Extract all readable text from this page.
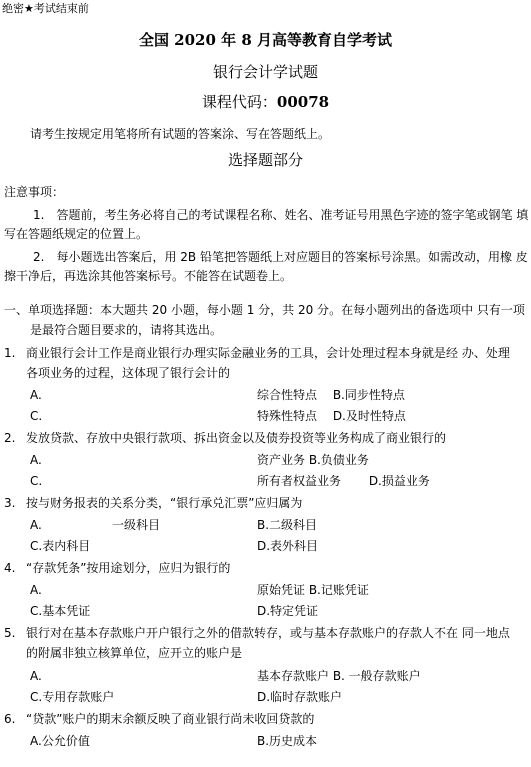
绝密★考试结束前
全国 2020 年 8 月高等教育自学考试
银行会计学试题
课程代码：00078
请考生按规定用笔将所有试题的答案涂、写在答题纸上。
选择题部分
注意事项：
1.　答题前，考生务必将自己的考试课程名称、姓名、准考证号用黑色字迹的签字笔或钢笔 填
写在答题纸规定的位置上。
2.　每小题选出答案后，用 2B 铅笔把答题纸上对应题目的答案标号涂黑。如需改动，用橡 皮
擦干净后，再选涂其他答案标号。不能答在试题卷上。
一、单项选择题：本大题共 20 小题，每小题 1 分，共 20 分。在每小题列出的备选项中 只有一项
是最符合题目要求的，请将其选出。
1. 商业银行会计工作是商业银行办理实际金融业务的工具，会计处理过程本身就是经 办、处理
各项业务的过程，这体现了银行会计的
A.	综合性特点　 B.同步性特点
C.	特殊性特点　 D.及时性特点
2. 发放贷款、存放中央银行款项、拆出资金以及债券投资等业务构成了商业银行的
A.	资产业务 B.负债业务
C.	所有者权益业务　　 D.损益业务
3. 按与财务报表的关系分类，“银行承兑汇票”应归属为
A.	一级科目	B.二级科目
C.表内科目	D.表外科目
4. “存款凭条”按用途划分，应归为银行的
A.	原始凭证 B.记账凭证
C.基本凭证	D.特定凭证
5. 银行对在基本存款账户开户银行之外的借款转存，或与基本存款账户的存款人不在 同一地点
的附属非独立核算单位，应开立的账户是
A.	基本存款账户 B. 一般存款账户
C.专用存款账户	D.临时存款账户
6. “贷款”账户的期末余额反映了商业银行尚未收回贷款的
A.公允价值	B.历史成本
